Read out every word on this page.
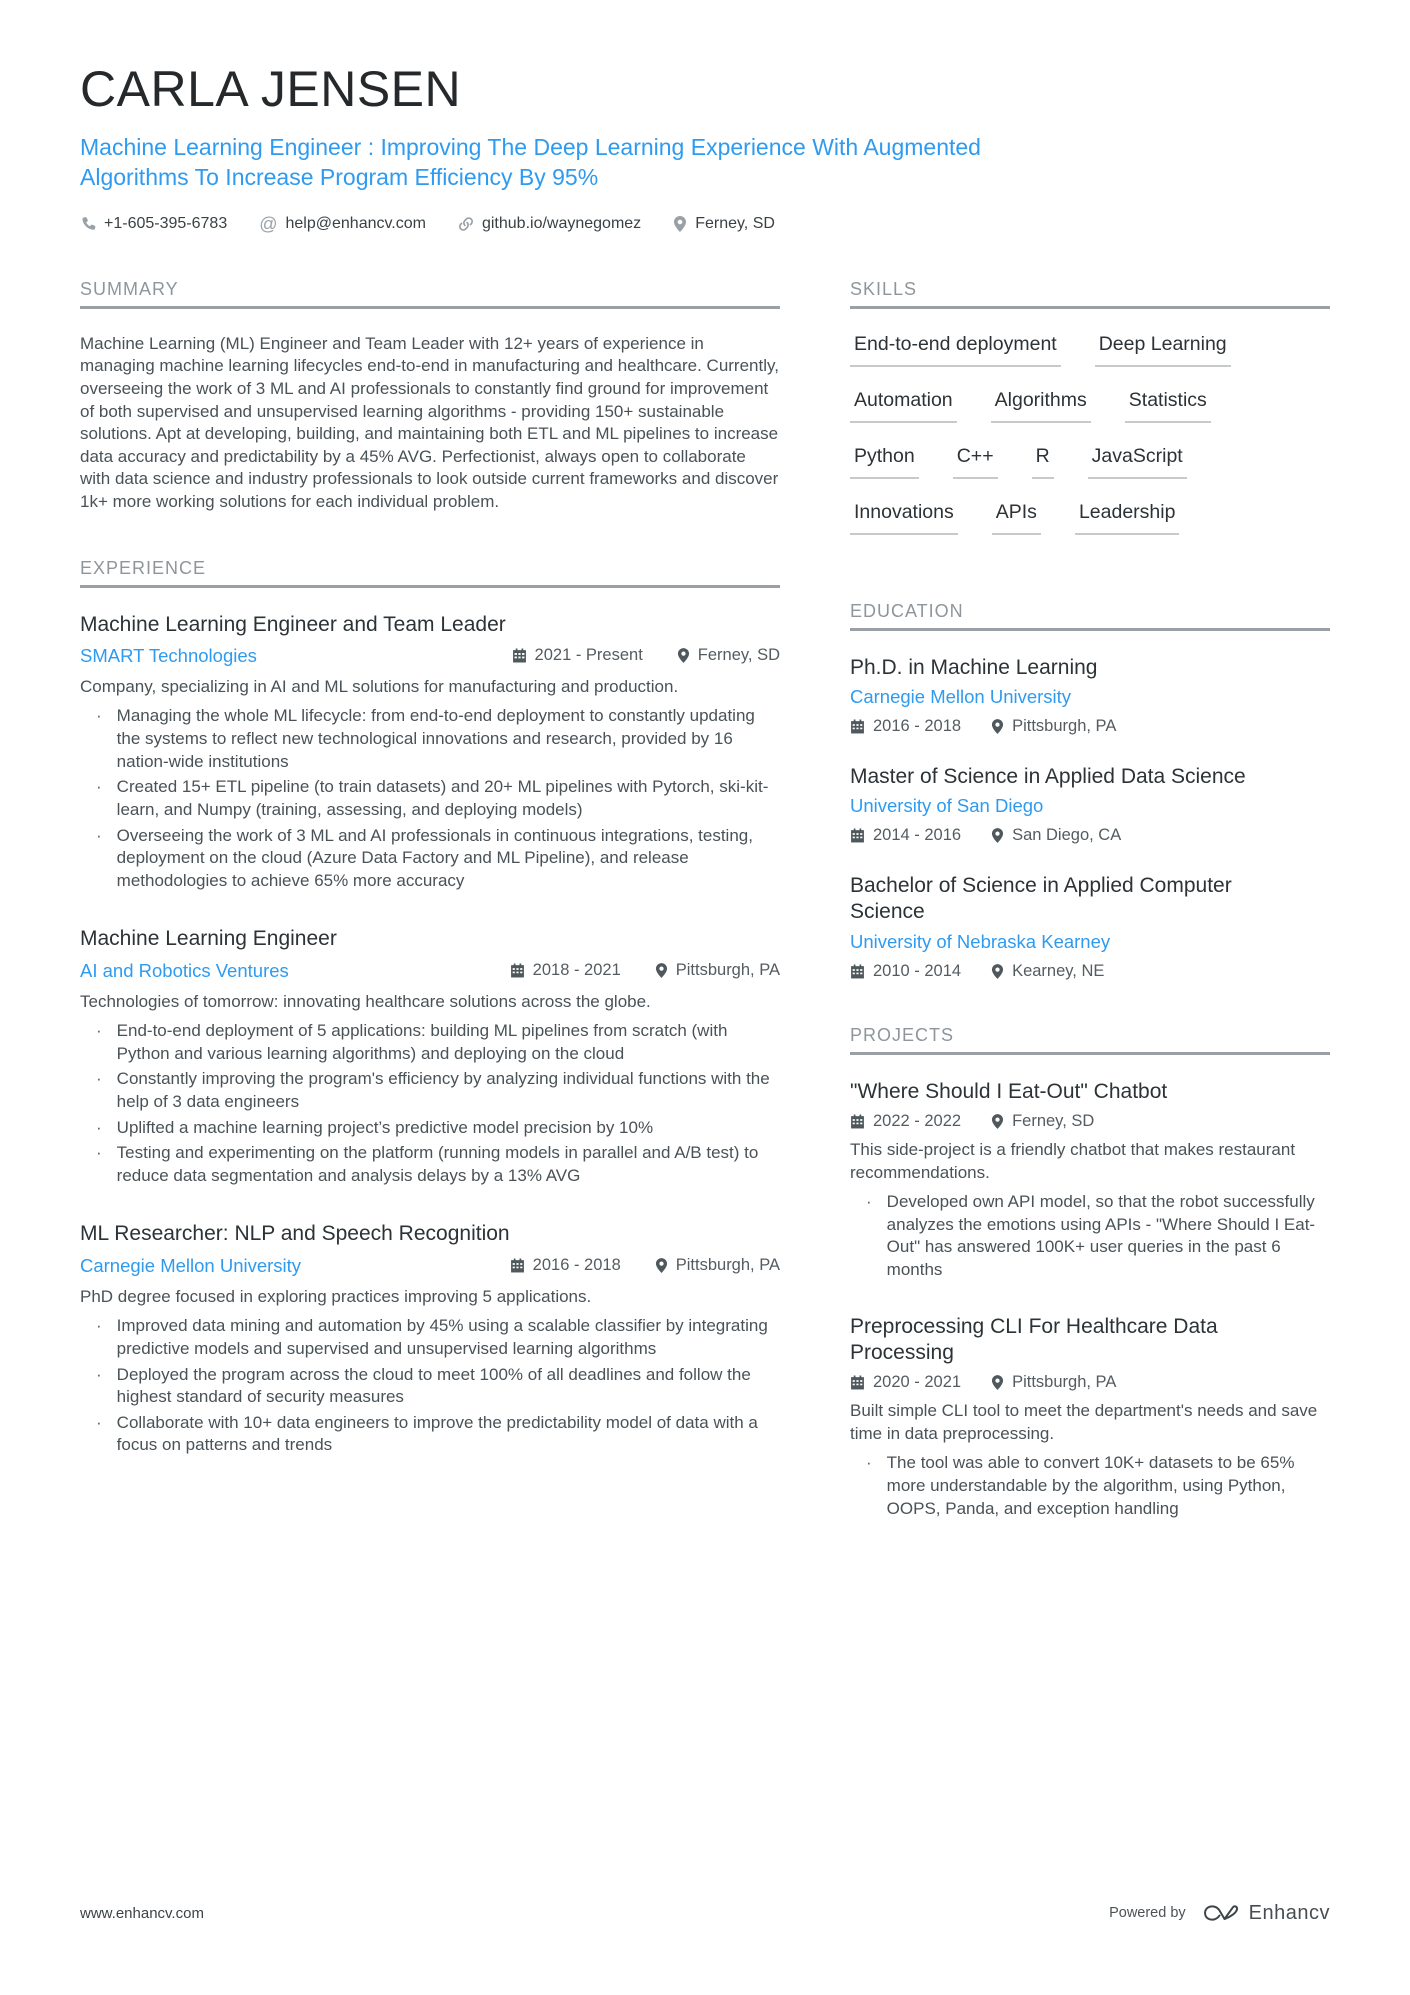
CARLA JENSEN
Machine Learning Engineer : Improving The Deep Learning Experience With Augmented Algorithms To Increase Program Efficiency By 95%
+1-605-395-6783 @ help@enhancv.com	github.io/waynegomez	Ferney, SD
SUMMARY

Machine Learning (ML) Engineer and Team Leader with 12+ years of experience in managing machine learning lifecycles end-to-end in manufacturing and healthcare. Currently, overseeing the work of 3 ML and AI professionals to constantly find ground for improvement of both supervised and unsupervised learning algorithms - providing 150+ sustainable solutions. Apt at developing, building, and maintaining both ETL and ML pipelines to increase data accuracy and predictability by a 45% AVG. Perfectionist, always open to collaborate with data science and industry professionals to look outside current frameworks and discover 1k+ more working solutions for each individual problem.

EXPERIENCE
Machine Learning Engineer and Team Leader
SMART Technologies	2021 - Present	Ferney, SD

Company, specializing in AI and ML solutions for manufacturing and production.

· Managing the whole ML lifecycle: from end-to-end deployment to constantly updating the systems to reflect new technological innovations and research, provided by 16 nation-wide institutions
· Created 15+ ETL pipeline (to train datasets) and 20+ ML pipelines with Pytorch, ski-kit-learn, and Numpy (training, assessing, and deploying models)
· Overseeing the work of 3 ML and AI professionals in continuous integrations, testing, deployment on the cloud (Azure Data Factory and ML Pipeline), and release methodologies to achieve 65% more accuracy
Machine Learning Engineer
AI and Robotics Ventures	2018 - 2021	Pittsburgh, PA

Technologies of tomorrow: innovating healthcare solutions across the globe.

· End-to-end deployment of 5 applications: building ML pipelines from scratch (with Python and various learning algorithms) and deploying on the cloud
· Constantly improving the program's efficiency by analyzing individual functions with the help of 3 data engineers
· Uplifted a machine learning project’s predictive model precision by 10%
· Testing and experimenting on the platform (running models in parallel and A/B test) to reduce data segmentation and analysis delays by a 13% AVG
ML Researcher: NLP and Speech Recognition
Carnegie Mellon University	2016 - 2018	Pittsburgh, PA

PhD degree focused in exploring practices improving 5 applications.

· Improved data mining and automation by 45% using a scalable classifier by integrating predictive models and supervised and unsupervised learning algorithms
· Deployed the program across the cloud to meet 100% of all deadlines and follow the highest standard of security measures
· Collaborate with 10+ data engineers to improve the predictability model of data with a focus on patterns and trends
SKILLS
End-to-end deployment Deep Learning
Automation Algorithms Statistics
Python C++ R JavaScript
Innovations APIs Leadership
EDUCATION
Ph.D. in Machine Learning
Carnegie Mellon University
2016 - 2018	Pittsburgh, PA
Master of Science in Applied Data Science
University of San Diego
2014 - 2016	San Diego, CA
Bachelor of Science in Applied Computer Science
University of Nebraska Kearney
2010 - 2014	Kearney, NE
PROJECTS
"Where Should I Eat-Out" Chatbot
2022 - 2022	Ferney, SD

This side-project is a friendly chatbot that makes restaurant recommendations.

· Developed own API model, so that the robot successfully analyzes the emotions using APIs - "Where Should I Eat-Out" has answered 100K+ user queries in the past 6 months
Preprocessing CLI For Healthcare Data Processing
2020 - 2021	Pittsburgh, PA

Built simple CLI tool to meet the department's needs and save time in data preprocessing.

· The tool was able to convert 10K+ datasets to be 65% more understandable by the algorithm, using Python, OOPS, Panda, and exception handling
www.enhancv.com	Powered by	Enhancv
